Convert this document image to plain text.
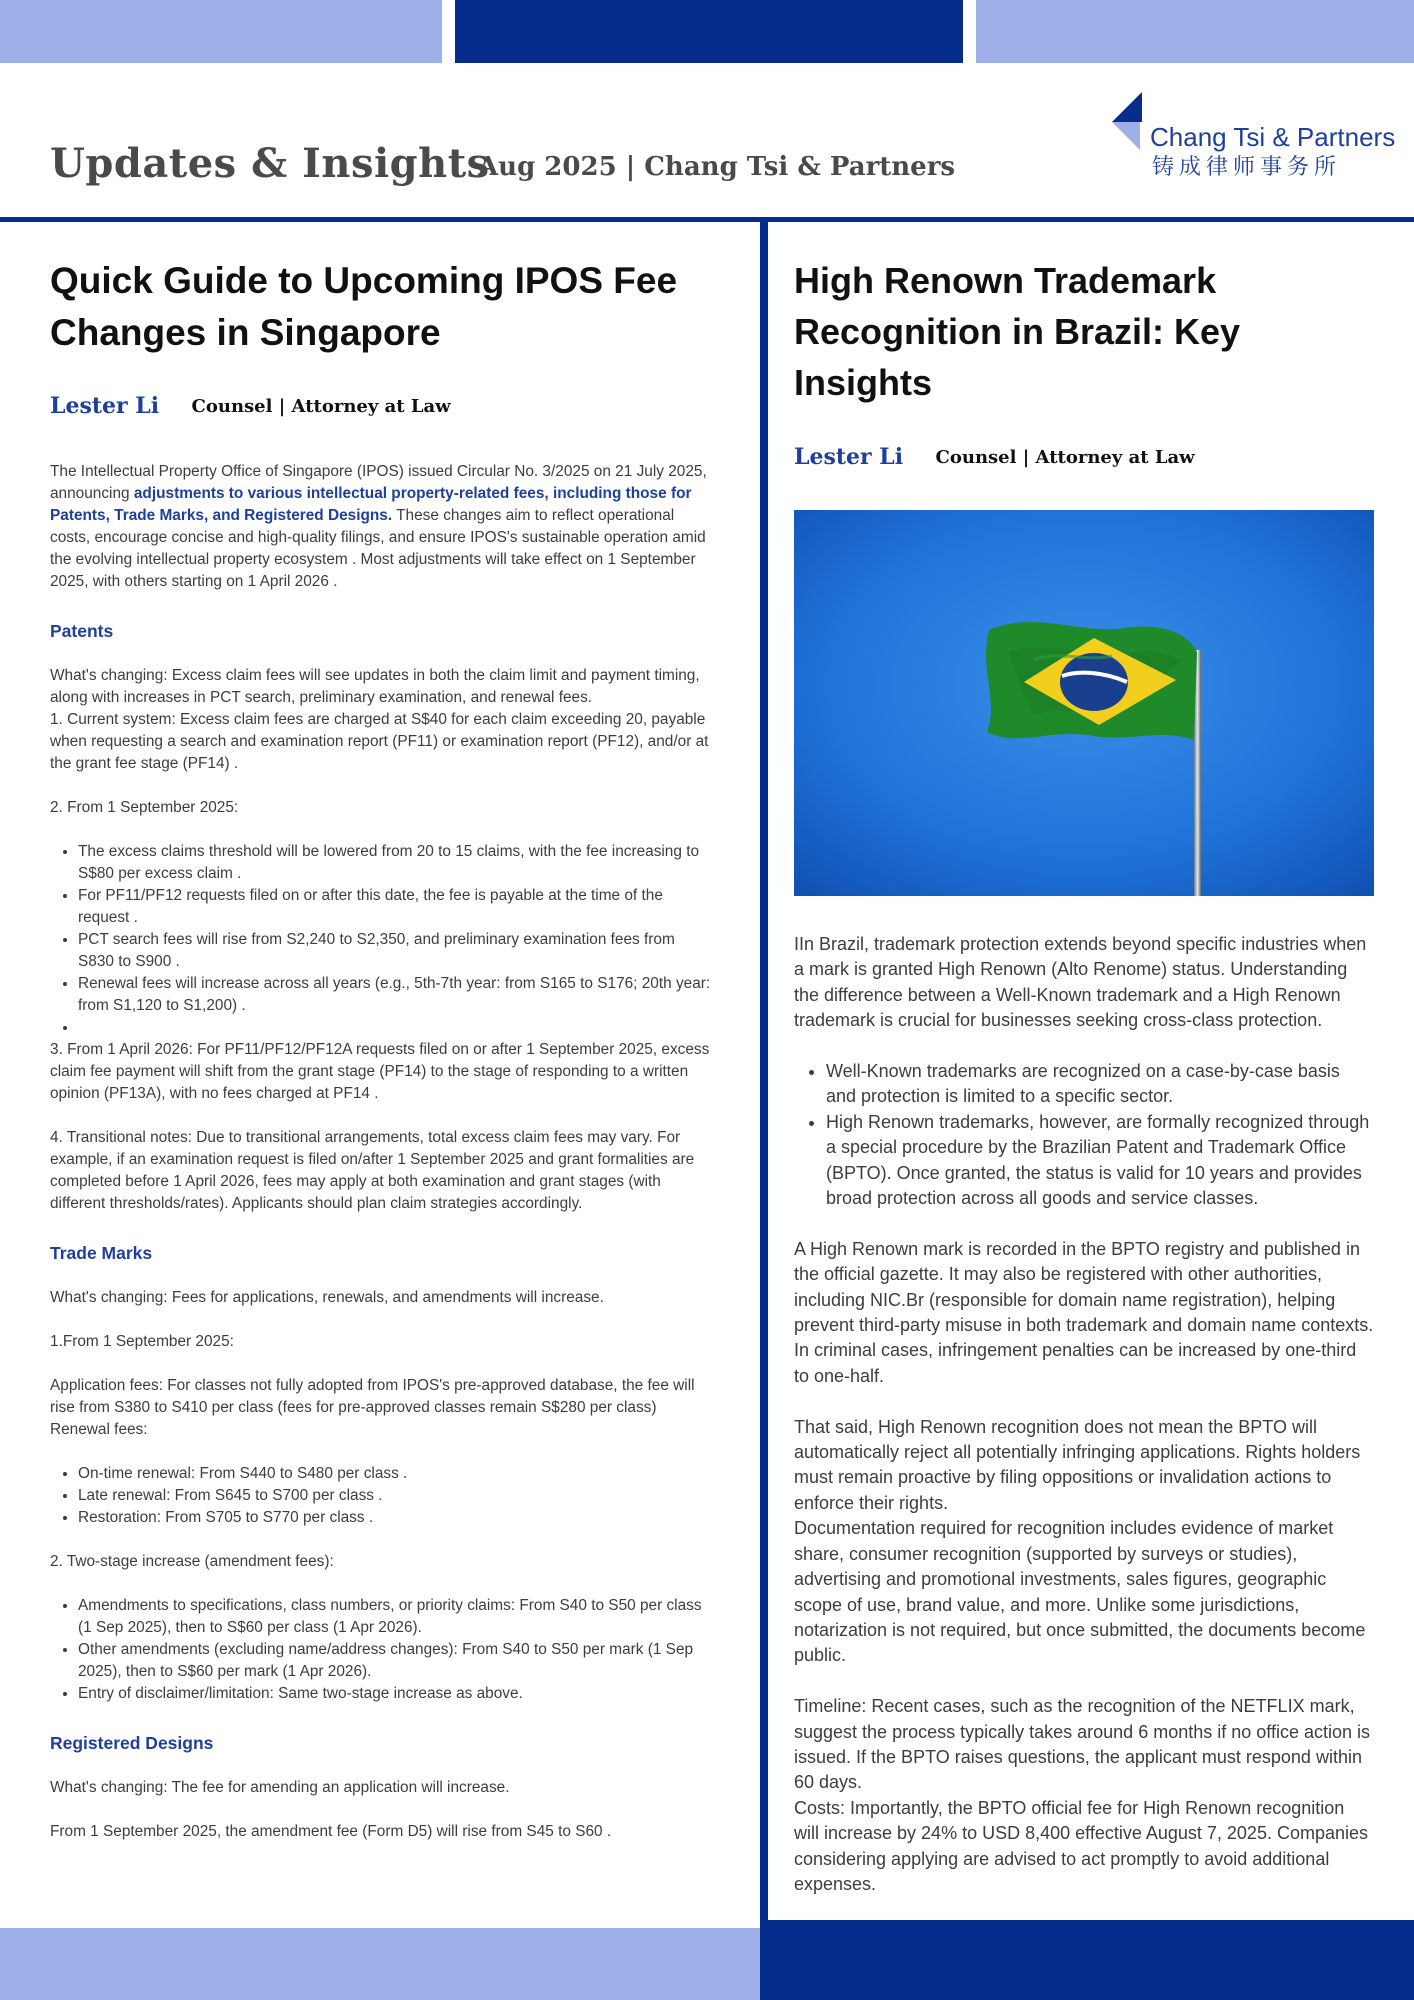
Updates & Insights
Aug 2025 | Chang Tsi & Partners
Chang Tsi & Partners
铸成律师事务所
Quick Guide to Upcoming IPOS Fee Changes in Singapore
Lester Li Counsel | Attorney at Law

The Intellectual Property Office of Singapore (IPOS) issued Circular No. 3/2025 on 21 July 2025, announcing adjustments to various intellectual property-related fees, including those for Patents, Trade Marks, and Registered Designs. These changes aim to reflect operational costs, encourage concise and high-quality filings, and ensure IPOS's sustainable operation amid the evolving intellectual property ecosystem . Most adjustments will take effect on 1 September 2025, with others starting on 1 April 2026 .

Patents

What's changing: Excess claim fees will see updates in both the claim limit and payment timing, along with increases in PCT search, preliminary examination, and renewal fees.

1. Current system: Excess claim fees are charged at S$40 for each claim exceeding 20, payable when requesting a search and examination report (PF11) or examination report (PF12), and/or at the grant fee stage (PF14) .

2. From 1 September 2025:

• The excess claims threshold will be lowered from 20 to 15 claims, with the fee increasing to S$80 per excess claim .
• For PF11/PF12 requests filed on or after this date, the fee is payable at the time of the request .
• PCT search fees will rise from S2,240 to S2,350, and preliminary examination fees from S830 to S900 .
• Renewal fees will increase across all years (e.g., 5th-7th year: from S165 to S176; 20th year: from S1,120 to S1,200) .
•

3. From 1 April 2026: For PF11/PF12/PF12A requests filed on or after 1 September 2025, excess claim fee payment will shift from the grant stage (PF14) to the stage of responding to a written opinion (PF13A), with no fees charged at PF14 .

4. Transitional notes: Due to transitional arrangements, total excess claim fees may vary. For example, if an examination request is filed on/after 1 September 2025 and grant formalities are completed before 1 April 2026, fees may apply at both examination and grant stages (with different thresholds/rates). Applicants should plan claim strategies accordingly.

Trade Marks

What's changing: Fees for applications, renewals, and amendments will increase.

1.From 1 September 2025:

Application fees: For classes not fully adopted from IPOS's pre-approved database, the fee will rise from S380 to S410 per class (fees for pre-approved classes remain S$280 per class)

Renewal fees:

• On-time renewal: From S440 to S480 per class .
• Late renewal: From S645 to S700 per class .
• Restoration: From S705 to S770 per class .

2. Two-stage increase (amendment fees):

• Amendments to specifications, class numbers, or priority claims: From S40 to S50 per class (1 Sep 2025), then to S$60 per class (1 Apr 2026).
• Other amendments (excluding name/address changes): From S40 to S50 per mark (1 Sep 2025), then to S$60 per mark (1 Apr 2026).
• Entry of disclaimer/limitation: Same two-stage increase as above.
Registered Designs

What's changing: The fee for amending an application will increase.

From 1 September 2025, the amendment fee (Form D5) will rise from S45 to S60 .

High Renown Trademark Recognition in Brazil: Key Insights
Lester Li Counsel | Attorney at Law

IIn Brazil, trademark protection extends beyond specific industries when a mark is granted High Renown (Alto Renome) status. Understanding the difference between a Well-Known trademark and a High Renown trademark is crucial for businesses seeking cross-class protection.

• Well-Known trademarks are recognized on a case-by-case basis and protection is limited to a specific sector.
• High Renown trademarks, however, are formally recognized through a special procedure by the Brazilian Patent and Trademark Office (BPTO). Once granted, the status is valid for 10 years and provides broad protection across all goods and service classes.

A High Renown mark is recorded in the BPTO registry and published in the official gazette. It may also be registered with other authorities, including NIC.Br (responsible for domain name registration), helping prevent third-party misuse in both trademark and domain name contexts. In criminal cases, infringement penalties can be increased by one-third to one-half.

That said, High Renown recognition does not mean the BPTO will automatically reject all potentially infringing applications. Rights holders must remain proactive by filing oppositions or invalidation actions to enforce their rights.

Documentation required for recognition includes evidence of market share, consumer recognition (supported by surveys or studies), advertising and promotional investments, sales figures, geographic scope of use, brand value, and more. Unlike some jurisdictions, notarization is not required, but once submitted, the documents become public.

Timeline: Recent cases, such as the recognition of the NETFLIX mark, suggest the process typically takes around 6 months if no office action is issued. If the BPTO raises questions, the applicant must respond within 60 days.

Costs: Importantly, the BPTO official fee for High Renown recognition will increase by 24% to USD 8,400 effective August 7, 2025. Companies considering applying are advised to act promptly to avoid additional expenses.
